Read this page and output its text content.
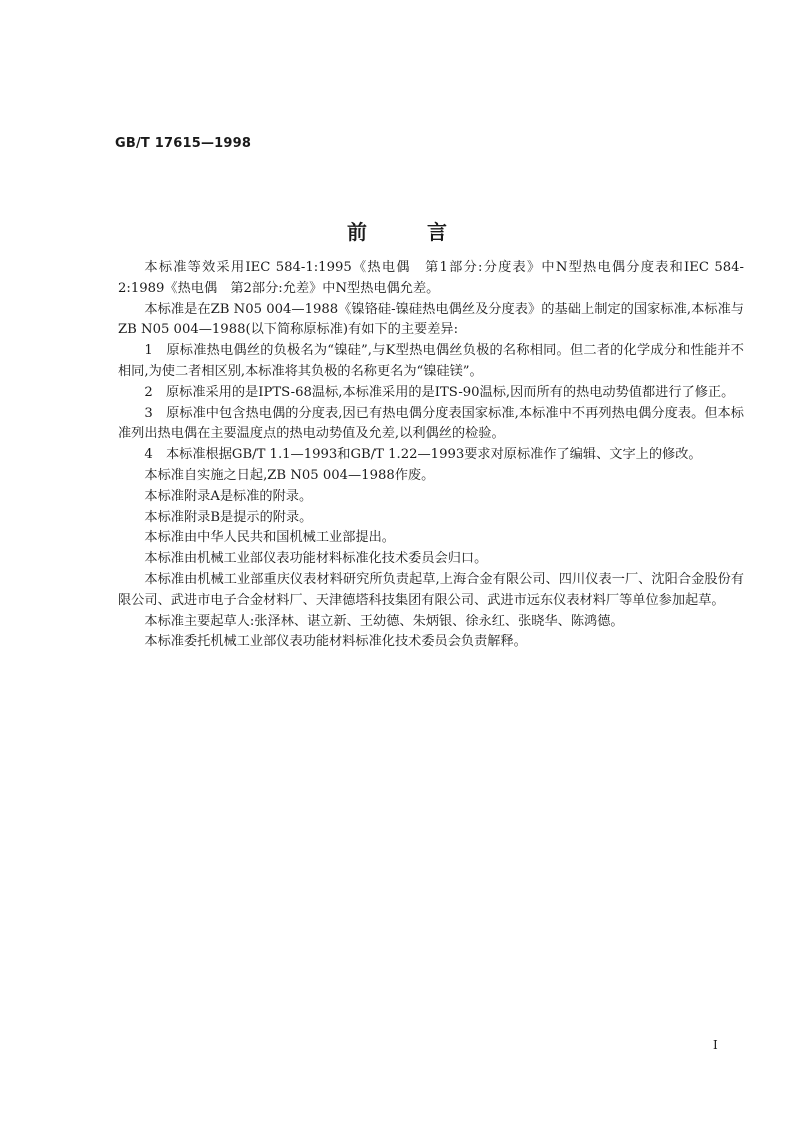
GB/T 17615—1998
前	言

本标准等效采用IEC 584-1:1995《热电偶　第1部分:分度表》中N型热电偶分度表和IEC 584-2:1989《热电偶　第2部分:允差》中N型热电偶允差。

本标准是在ZB N05 004—1988《镍铬硅-镍硅热电偶丝及分度表》的基础上制定的国家标准,本标准与ZB N05 004—1988(以下简称原标准)有如下的主要差异:

1　原标准热电偶丝的负极名为“镍硅”,与K型热电偶丝负极的名称相同。但二者的化学成分和性能并不相同,为使二者相区别,本标准将其负极的名称更名为“镍硅镁”。

2　原标准采用的是IPTS-68温标,本标准采用的是ITS-90温标,因而所有的热电动势值都进行了修正。

3　原标准中包含热电偶的分度表,因已有热电偶分度表国家标准,本标准中不再列热电偶分度表。但本标准列出热电偶在主要温度点的热电动势值及允差,以利偶丝的检验。

4　本标准根据GB/T 1.1—1993和GB/T 1.22—1993要求对原标准作了编辑、文字上的修改。

本标准自实施之日起,ZB N05 004—1988作废。

本标准附录A是标准的附录。

本标准附录B是提示的附录。

本标准由中华人民共和国机械工业部提出。

本标准由机械工业部仪表功能材料标准化技术委员会归口。

本标准由机械工业部重庆仪表材料研究所负责起草,上海合金有限公司、四川仪表一厂、沈阳合金股份有限公司、武进市电子合金材料厂、天津德塔科技集团有限公司、武进市远东仪表材料厂等单位参加起草。

本标准主要起草人:张泽林、谌立新、王幼德、朱炳银、徐永红、张晓华、陈鸿德。

本标准委托机械工业部仪表功能材料标准化技术委员会负责解释。

I
